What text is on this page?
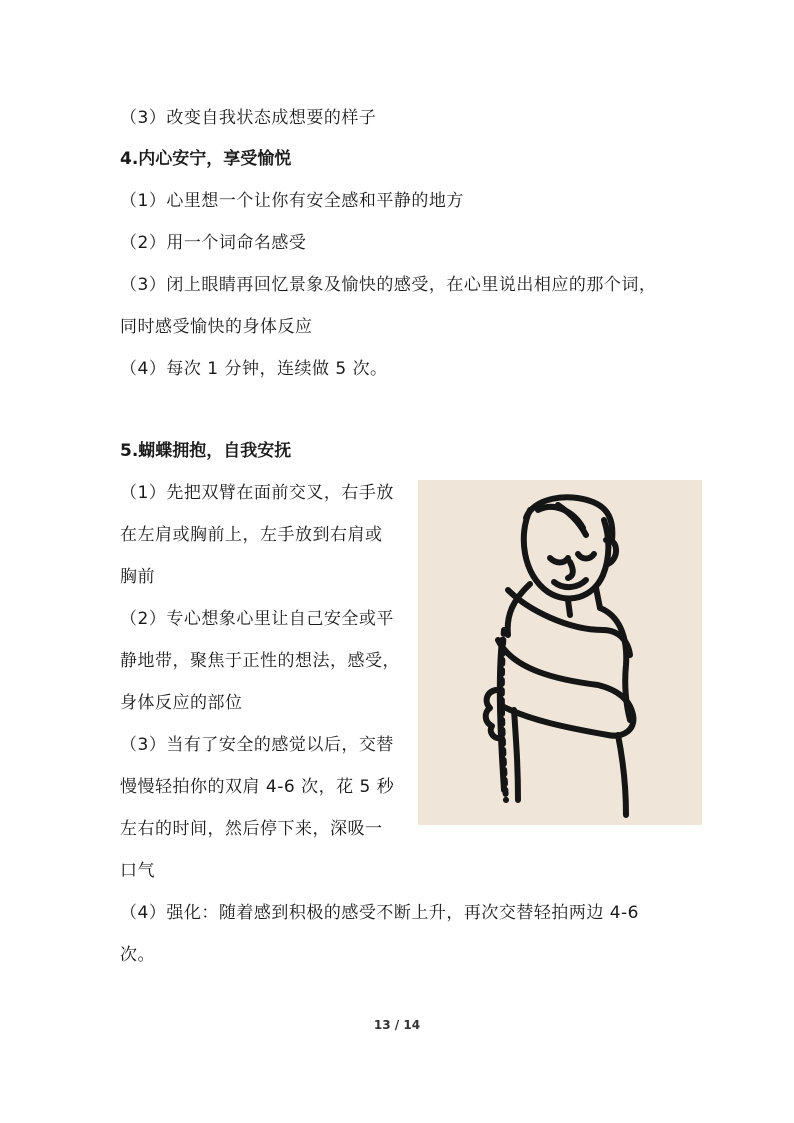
（3）改变自我状态成想要的样子
4.内心安宁，享受愉悦
（1）心里想一个让你有安全感和平静的地方
（2）用一个词命名感受
（3）闭上眼睛再回忆景象及愉快的感受，在心里说出相应的那个词，
同时感受愉快的身体反应
（4）每次 1 分钟，连续做 5 次。
5.蝴蝶拥抱，自我安抚
（1）先把双臂在面前交叉，右手放
在左肩或胸前上，左手放到右肩或
胸前
（2）专心想象心里让自己安全或平
静地带，聚焦于正性的想法，感受，
身体反应的部位
（3）当有了安全的感觉以后，交替
慢慢轻拍你的双肩 4-6 次，花 5 秒
左右的时间，然后停下来，深吸一
口气
（4）强化：随着感到积极的感受不断上升，再次交替轻拍两边 4-6
次。
13 / 14
